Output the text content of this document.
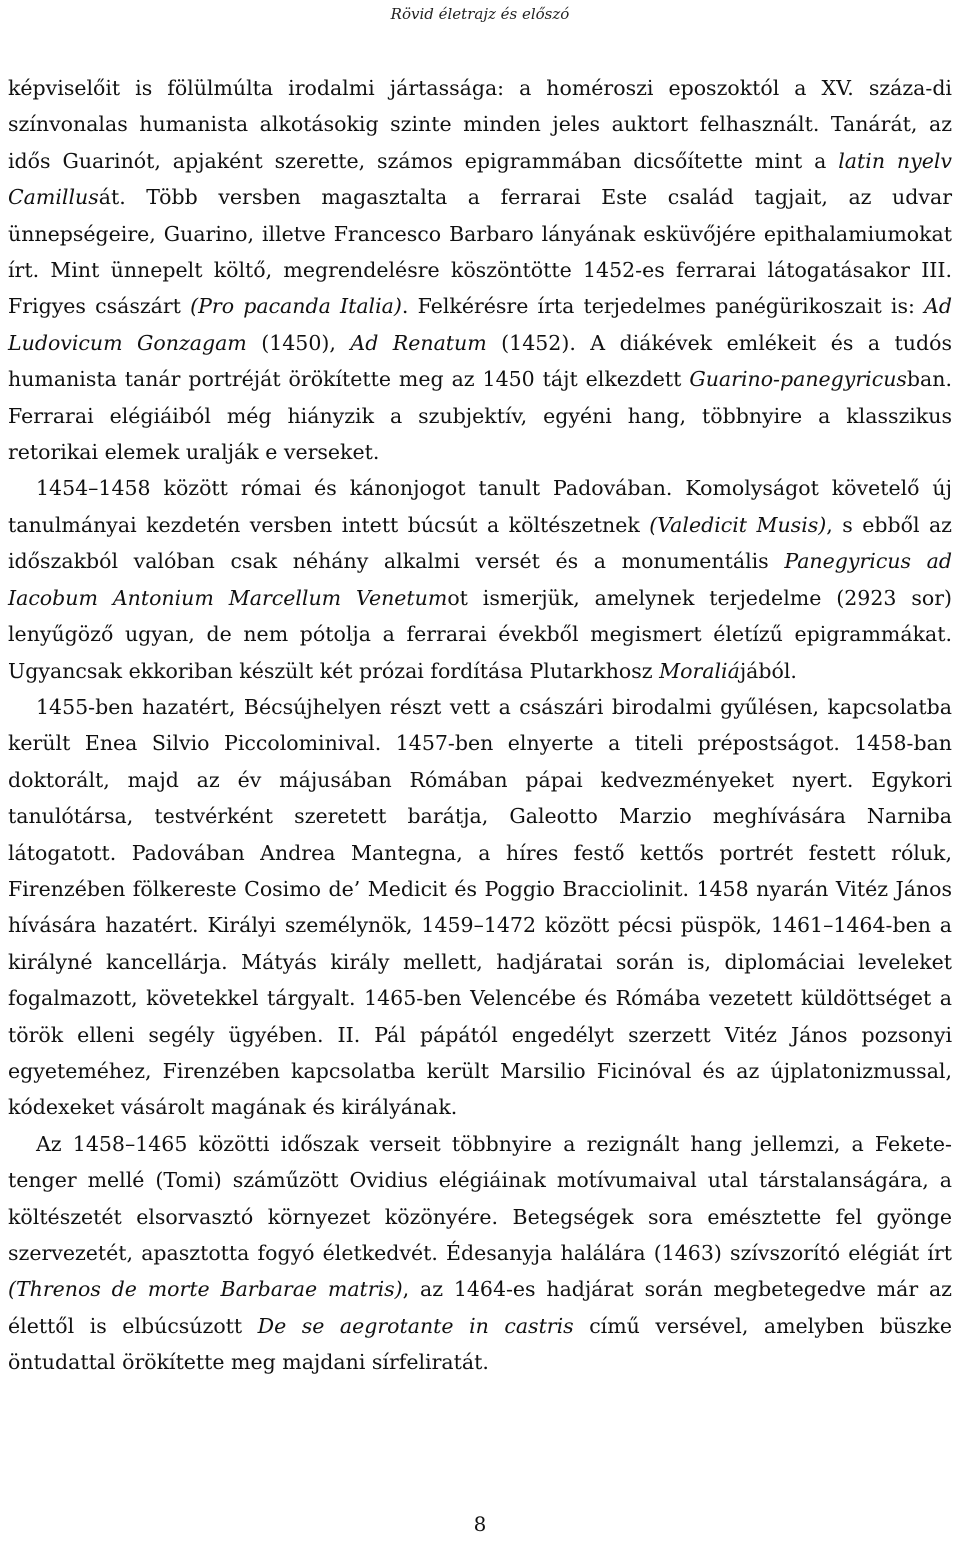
Rövid életrajz és előszó

képviselőit is fölülmúlta irodalmi jártassága: a homéroszi eposzoktól a XV. száza-di színvonalas humanista alkotásokig szinte minden jeles auktort felhasznált. Tanárát, az idős Guarinót, apjaként szerette, számos epigrammában dicsőítette mint a latin nyelv Camillusát. Több versben magasztalta a ferrarai Este család tagjait, az udvar ünnepségeire, Guarino, illetve Francesco Barbaro lányának esküvőjére epithalamiumokat írt. Mint ünnepelt költő, megrendelésre köszöntötte 1452-es ferrarai látogatásakor III. Frigyes császárt (Pro pacanda Italia). Felkérésre írta terjedelmes panégürikoszait is: Ad Ludovicum Gonzagam (1450), Ad Renatum (1452). A diákévek emlékeit és a tudós humanista tanár portréját örökítette meg az 1450 tájt elkezdett Guarino-panegyricusban. Ferrarai elégiáiból még hiányzik a szubjektív, egyéni hang, többnyire a klasszikus retorikai elemek uralják e verseket.

1454–1458 között római és kánonjogot tanult Padovában. Komolyságot követelő új tanulmányai kezdetén versben intett búcsút a költészetnek (Valedicit Musis), s ebből az időszakból valóban csak néhány alkalmi versét és a monumentális Panegyricus ad Iacobum Antonium Marcellum Venetumot ismerjük, amelynek terjedelme (2923 sor) lenyűgöző ugyan, de nem pótolja a ferrarai évekből megismert életízű epigrammákat. Ugyancsak ekkoriban készült két prózai fordítása Plutarkhosz Moraliájából.

1455-ben hazatért, Bécsújhelyen részt vett a császári birodalmi gyűlésen, kapcsolatba került Enea Silvio Piccolominival. 1457-ben elnyerte a titeli prépostságot. 1458-ban doktorált, majd az év májusában Rómában pápai kedvezményeket nyert. Egykori tanulótársa, testvérként szeretett barátja, Galeotto Marzio meghívására Narniba látogatott. Padovában Andrea Mantegna, a híres festő kettős portrét festett róluk, Firenzében fölkereste Cosimo de’ Medicit és Poggio Bracciolinit. 1458 nyarán Vitéz János hívására hazatért. Királyi személynök, 1459–1472 között pécsi püspök, 1461–1464-ben a királyné kancellárja. Mátyás király mellett, hadjáratai során is, diplomáciai leveleket fogalmazott, követekkel tárgyalt. 1465-ben Velencébe és Rómába vezetett küldöttséget a török elleni segély ügyében. II. Pál pápától engedélyt szerzett Vitéz János pozsonyi egyeteméhez, Firenzében kapcsolatba került Marsilio Ficinóval és az újplatonizmussal, kódexeket vásárolt magának és királyának.

Az 1458–1465 közötti időszak verseit többnyire a rezignált hang jellemzi, a Fekete-tenger mellé (Tomi) száműzött Ovidius elégiáinak motívumaival utal társtalanságára, a költészetét elsorvasztó környezet közönyére. Betegségek sora emésztette fel gyönge szervezetét, apasztotta fogyó életkedvét. Édesanyja halálára (1463) szívszorító elégiát írt (Threnos de morte Barbarae matris), az 1464-es hadjárat során megbetegedve már az élettől is elbúcsúzott De se aegrotante in castris című versével, amelyben büszke öntudattal örökítette meg majdani sírfeliratát.

8
